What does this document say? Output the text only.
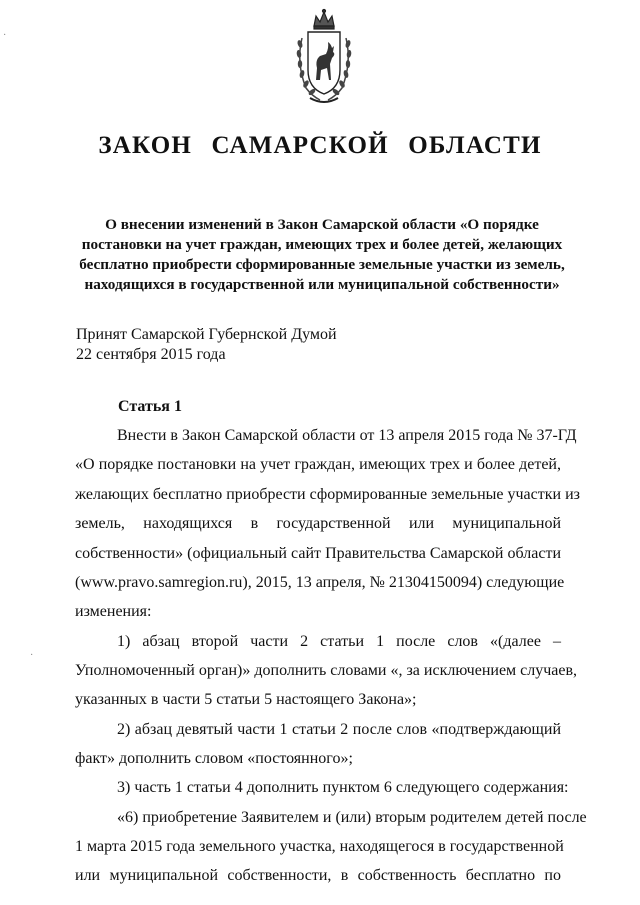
ЗАКОН САМАРСКОЙ ОБЛАСТИ

О внесении изменений в Закон Самарской области «О порядке
постановки на учет граждан, имеющих трех и более детей, желающих
бесплатно приобрести сформированные земельные участки из земель,
находящихся в государственной или муниципальной собственности»

Принят Самарской Губернской Думой
22 сентября 2015 года

Статья 1

Внести в Закон Самарской области от 13 апреля 2015 года № 37-ГД
«О порядке постановки на учет граждан, имеющих трех и более детей,
желающих бесплатно приобрести сформированные земельные участки из
земель, находящихся в государственной или муниципальной
собственности» (официальный сайт Правительства Самарской области
(www.pravo.samregion.ru), 2015, 13 апреля, № 21304150094) следующие
изменения:
1) абзац второй части 2 статьи 1 после слов «(далее –
Уполномоченный орган)» дополнить словами «, за исключением случаев,
указанных в части 5 статьи 5 настоящего Закона»;
2) абзац девятый части 1 статьи 2 после слов «подтверждающий
факт» дополнить словом «постоянного»;
3) часть 1 статьи 4 дополнить пунктом 6 следующего содержания:
«6) приобретение Заявителем и (или) вторым родителем детей после
1 марта 2015 года земельного участка, находящегося в государственной
или муниципальной собственности, в собственность бесплатно по
·
·
